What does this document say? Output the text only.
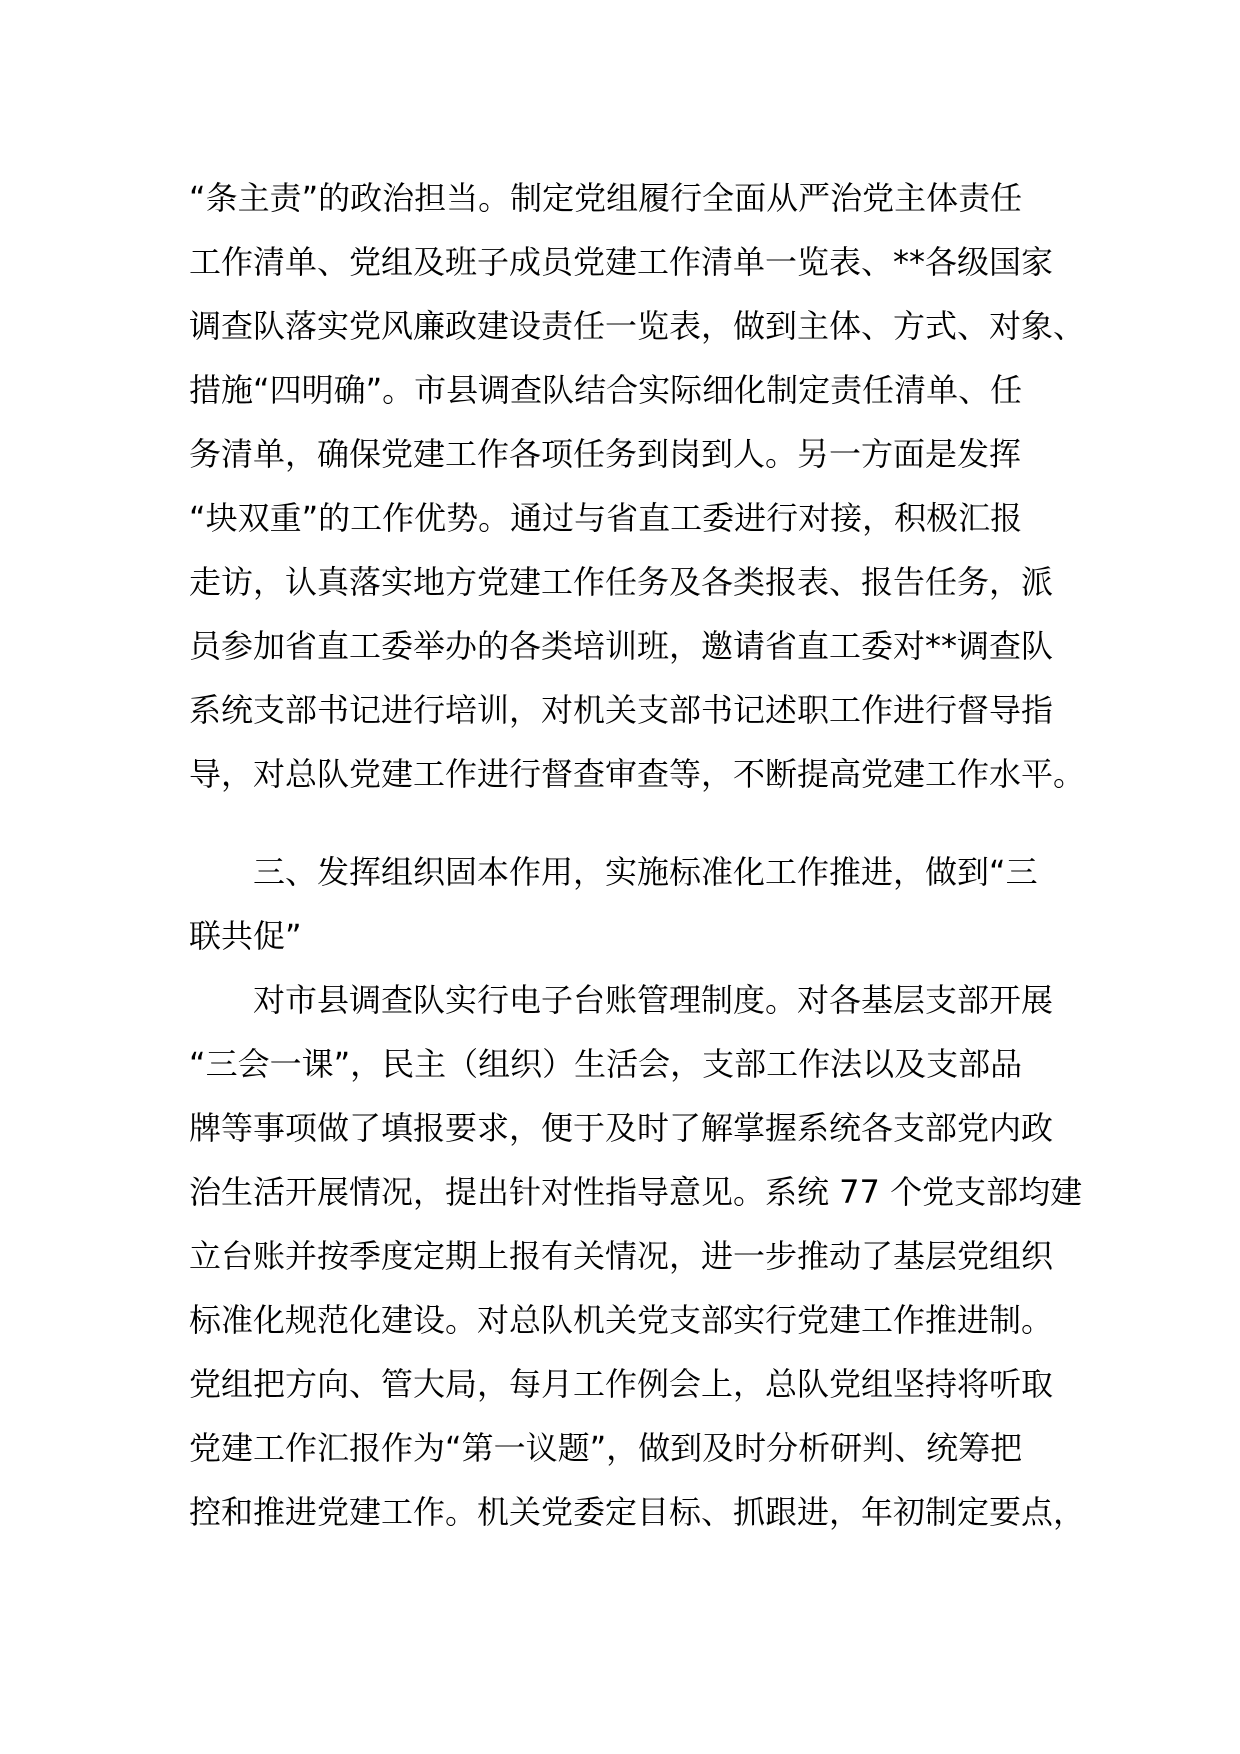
“条主责”的政治担当。制定党组履行全面从严治党主体责任
工作清单、党组及班子成员党建工作清单一览表、**各级国家
调查队落实党风廉政建设责任一览表，做到主体、方式、对象、
措施“四明确”。市县调查队结合实际细化制定责任清单、任
务清单，确保党建工作各项任务到岗到人。另一方面是发挥
“块双重”的工作优势。通过与省直工委进行对接，积极汇报
走访，认真落实地方党建工作任务及各类报表、报告任务，派
员参加省直工委举办的各类培训班，邀请省直工委对**调查队
系统支部书记进行培训，对机关支部书记述职工作进行督导指
导，对总队党建工作进行督查审查等，不断提高党建工作水平。
三、发挥组织固本作用，实施标准化工作推进，做到“三
联共促”
对市县调查队实行电子台账管理制度。对各基层支部开展
“三会一课”，民主（组织）生活会，支部工作法以及支部品
牌等事项做了填报要求，便于及时了解掌握系统各支部党内政
治生活开展情况，提出针对性指导意见。系统 77 个党支部均建
立台账并按季度定期上报有关情况，进一步推动了基层党组织
标准化规范化建设。对总队机关党支部实行党建工作推进制。
党组把方向、管大局，每月工作例会上，总队党组坚持将听取
党建工作汇报作为“第一议题”，做到及时分析研判、统筹把
控和推进党建工作。机关党委定目标、抓跟进，年初制定要点，
